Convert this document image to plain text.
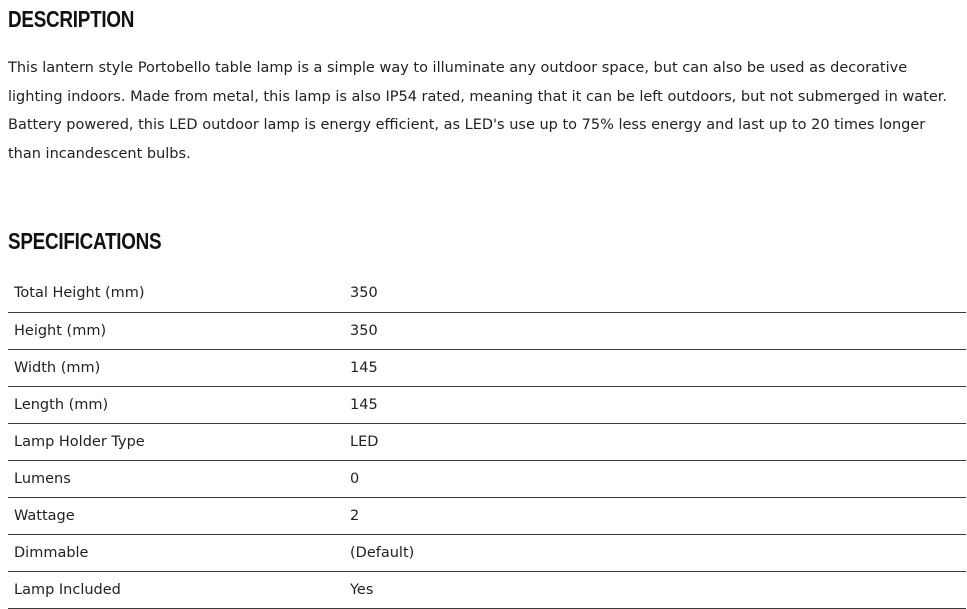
DESCRIPTION

This lantern style Portobello table lamp is a simple way to illuminate any outdoor space, but can also be used as decorative
lighting indoors. Made from metal, this lamp is also IP54 rated, meaning that it can be left outdoors, but not submerged in water.
Battery powered, this LED outdoor lamp is energy efficient, as LED's use up to 75% less energy and last up to 20 times longer
than incandescent bulbs.

SPECIFICATIONS
Total Height (mm)	350
Height (mm)	350
Width (mm)	145
Length (mm)	145
Lamp Holder Type	LED
Lumens	0
Wattage	2
Dimmable	(Default)
Lamp Included	Yes
